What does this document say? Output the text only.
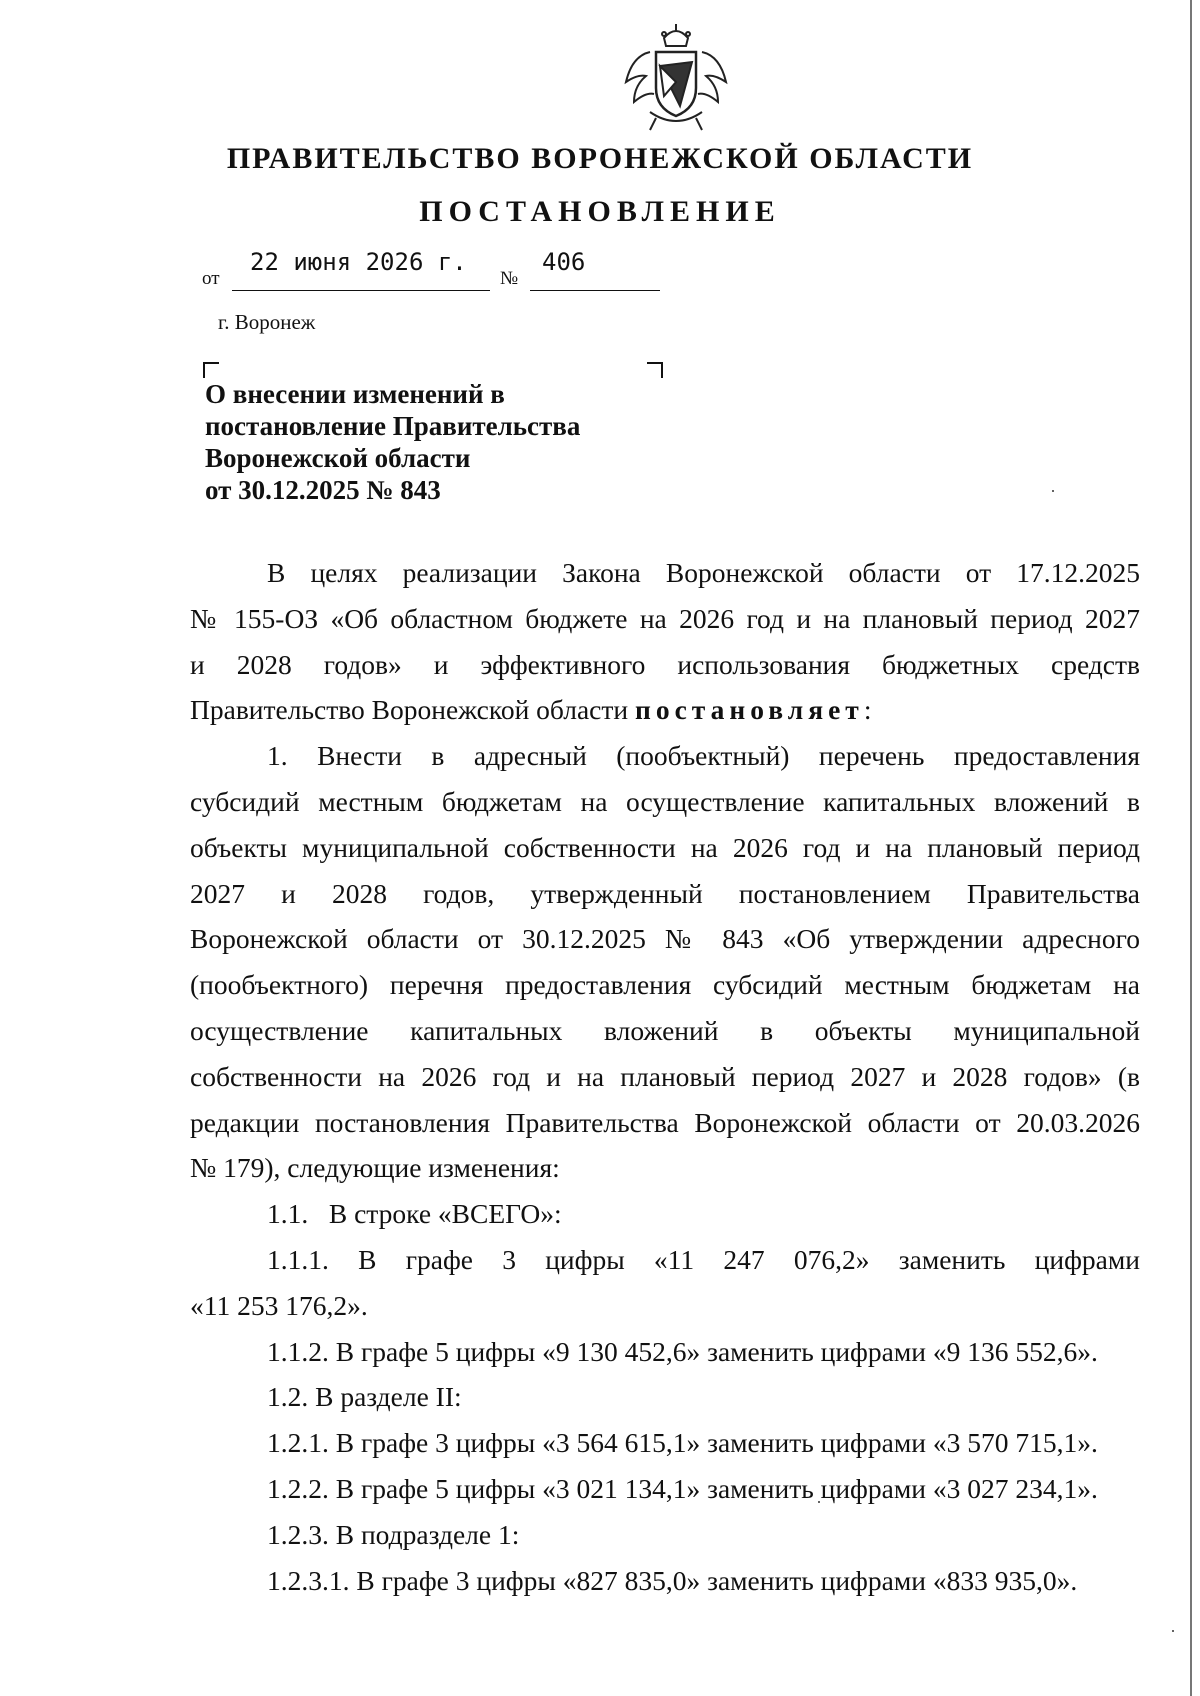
ПРАВИТЕЛЬСТВО ВОРОНЕЖСКОЙ ОБЛАСТИ
ПОСТАНОВЛЕНИЕ
от
22 июня 2026 г.
№
406
г. Воронеж
О внесении изменений в
постановление Правительства
Воронежской области
от 30.12.2025 № 843
В целях реализации Закона Воронежской области от 17.12.2025
№ 155-ОЗ «Об областном бюджете на 2026 год и на плановый период 2027
и 2028 годов» и эффективного использования бюджетных средств
Правительство Воронежской области постановляет:
1. Внести в адресный (пообъектный) перечень предоставления
субсидий местным бюджетам на осуществление капитальных вложений в
объекты муниципальной собственности на 2026 год и на плановый период
2027 и 2028 годов, утвержденный постановлением Правительства
Воронежской области от 30.12.2025 № 843 «Об утверждении адресного
(пообъектного) перечня предоставления субсидий местным бюджетам на
осуществление капитальных вложений в объекты муниципальной
собственности на 2026 год и на плановый период 2027 и 2028 годов» (в
редакции постановления Правительства Воронежской области от 20.03.2026
№ 179), следующие изменения:
1.1.   В строке «ВСЕГО»:
1.1.1. В графе 3 цифры «11 247 076,2» заменить цифрами
«11 253 176,2».
1.1.2. В графе 5 цифры «9 130 452,6» заменить цифрами «9 136 552,6».
1.2. В разделе II:
1.2.1. В графе 3 цифры «3 564 615,1» заменить цифрами «3 570 715,1».
1.2.2. В графе 5 цифры «3 021 134,1» заменить цифрами «3 027 234,1».
1.2.3. В подразделе 1:
1.2.3.1. В графе 3 цифры «827 835,0» заменить цифрами «833 935,0».
